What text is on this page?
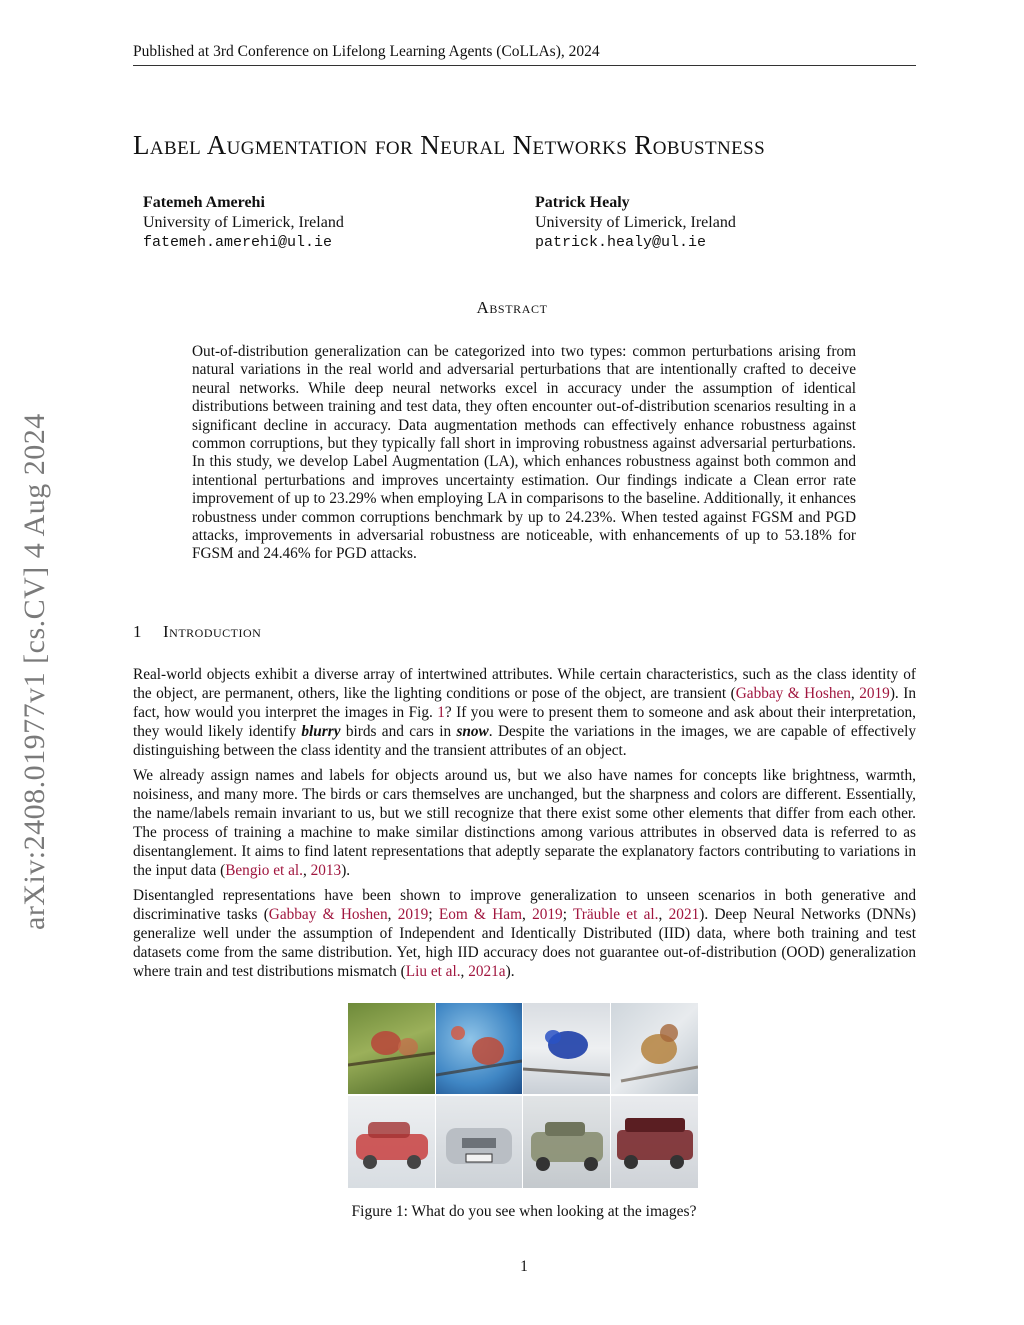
Published at 3rd Conference on Lifelong Learning Agents (CoLLAs), 2024
arXiv:2408.01977v1 [cs.CV] 4 Aug 2024
Label Augmentation for Neural Networks Robustness
Fatemeh Amerehi
University of Limerick, Ireland
fatemeh.amerehi@ul.ie
Patrick Healy
University of Limerick, Ireland
patrick.healy@ul.ie
Abstract
Out-of-distribution generalization can be categorized into two types: common perturbations arising from natural variations in the real world and adversarial perturbations that are intentionally crafted to deceive neural networks. While deep neural networks excel in accuracy under the assumption of identical distributions between training and test data, they often encounter out-of-distribution scenarios resulting in a significant decline in accuracy. Data augmentation methods can effectively enhance robustness against common corruptions, but they typically fall short in improving robustness against adversarial perturbations. In this study, we develop Label Augmentation (LA), which enhances robustness against both common and intentional perturbations and improves uncertainty estimation. Our findings indicate a Clean error rate improvement of up to 23.29% when employing LA in comparisons to the baseline. Additionally, it enhances robustness under common corruptions benchmark by up to 24.23%. When tested against FGSM and PGD attacks, improvements in adversarial robustness are noticeable, with enhancements of up to 53.18% for FGSM and 24.46% for PGD attacks.
1 Introduction

Real-world objects exhibit a diverse array of intertwined attributes. While certain characteristics, such as the class identity of the object, are permanent, others, like the lighting conditions or pose of the object, are transient (Gabbay & Hoshen, 2019). In fact, how would you interpret the images in Fig. 1? If you were to present them to someone and ask about their interpretation, they would likely identify blurry birds and cars in snow. Despite the variations in the images, we are capable of effectively distinguishing between the class identity and the transient attributes of an object.

We already assign names and labels for objects around us, but we also have names for concepts like brightness, warmth, noisiness, and many more. The birds or cars themselves are unchanged, but the sharpness and colors are different. Essentially, the name/labels remain invariant to us, but we still recognize that there exist some other elements that differ from each other. The process of training a machine to make similar distinctions among various attributes in observed data is referred to as disentanglement. It aims to find latent representations that adeptly separate the explanatory factors contributing to variations in the input data (Bengio et al., 2013).

Disentangled representations have been shown to improve generalization to unseen scenarios in both generative and discriminative tasks (Gabbay & Hoshen, 2019; Eom & Ham, 2019; Träuble et al., 2021). Deep Neural Networks (DNNs) generalize well under the assumption of Independent and Identically Distributed (IID) data, where both training and test datasets come from the same distribution. Yet, high IID accuracy does not guarantee out-of-distribution (OOD) generalization where train and test distributions mismatch (Liu et al., 2021a).

Figure 1: What do you see when looking at the images?
1
